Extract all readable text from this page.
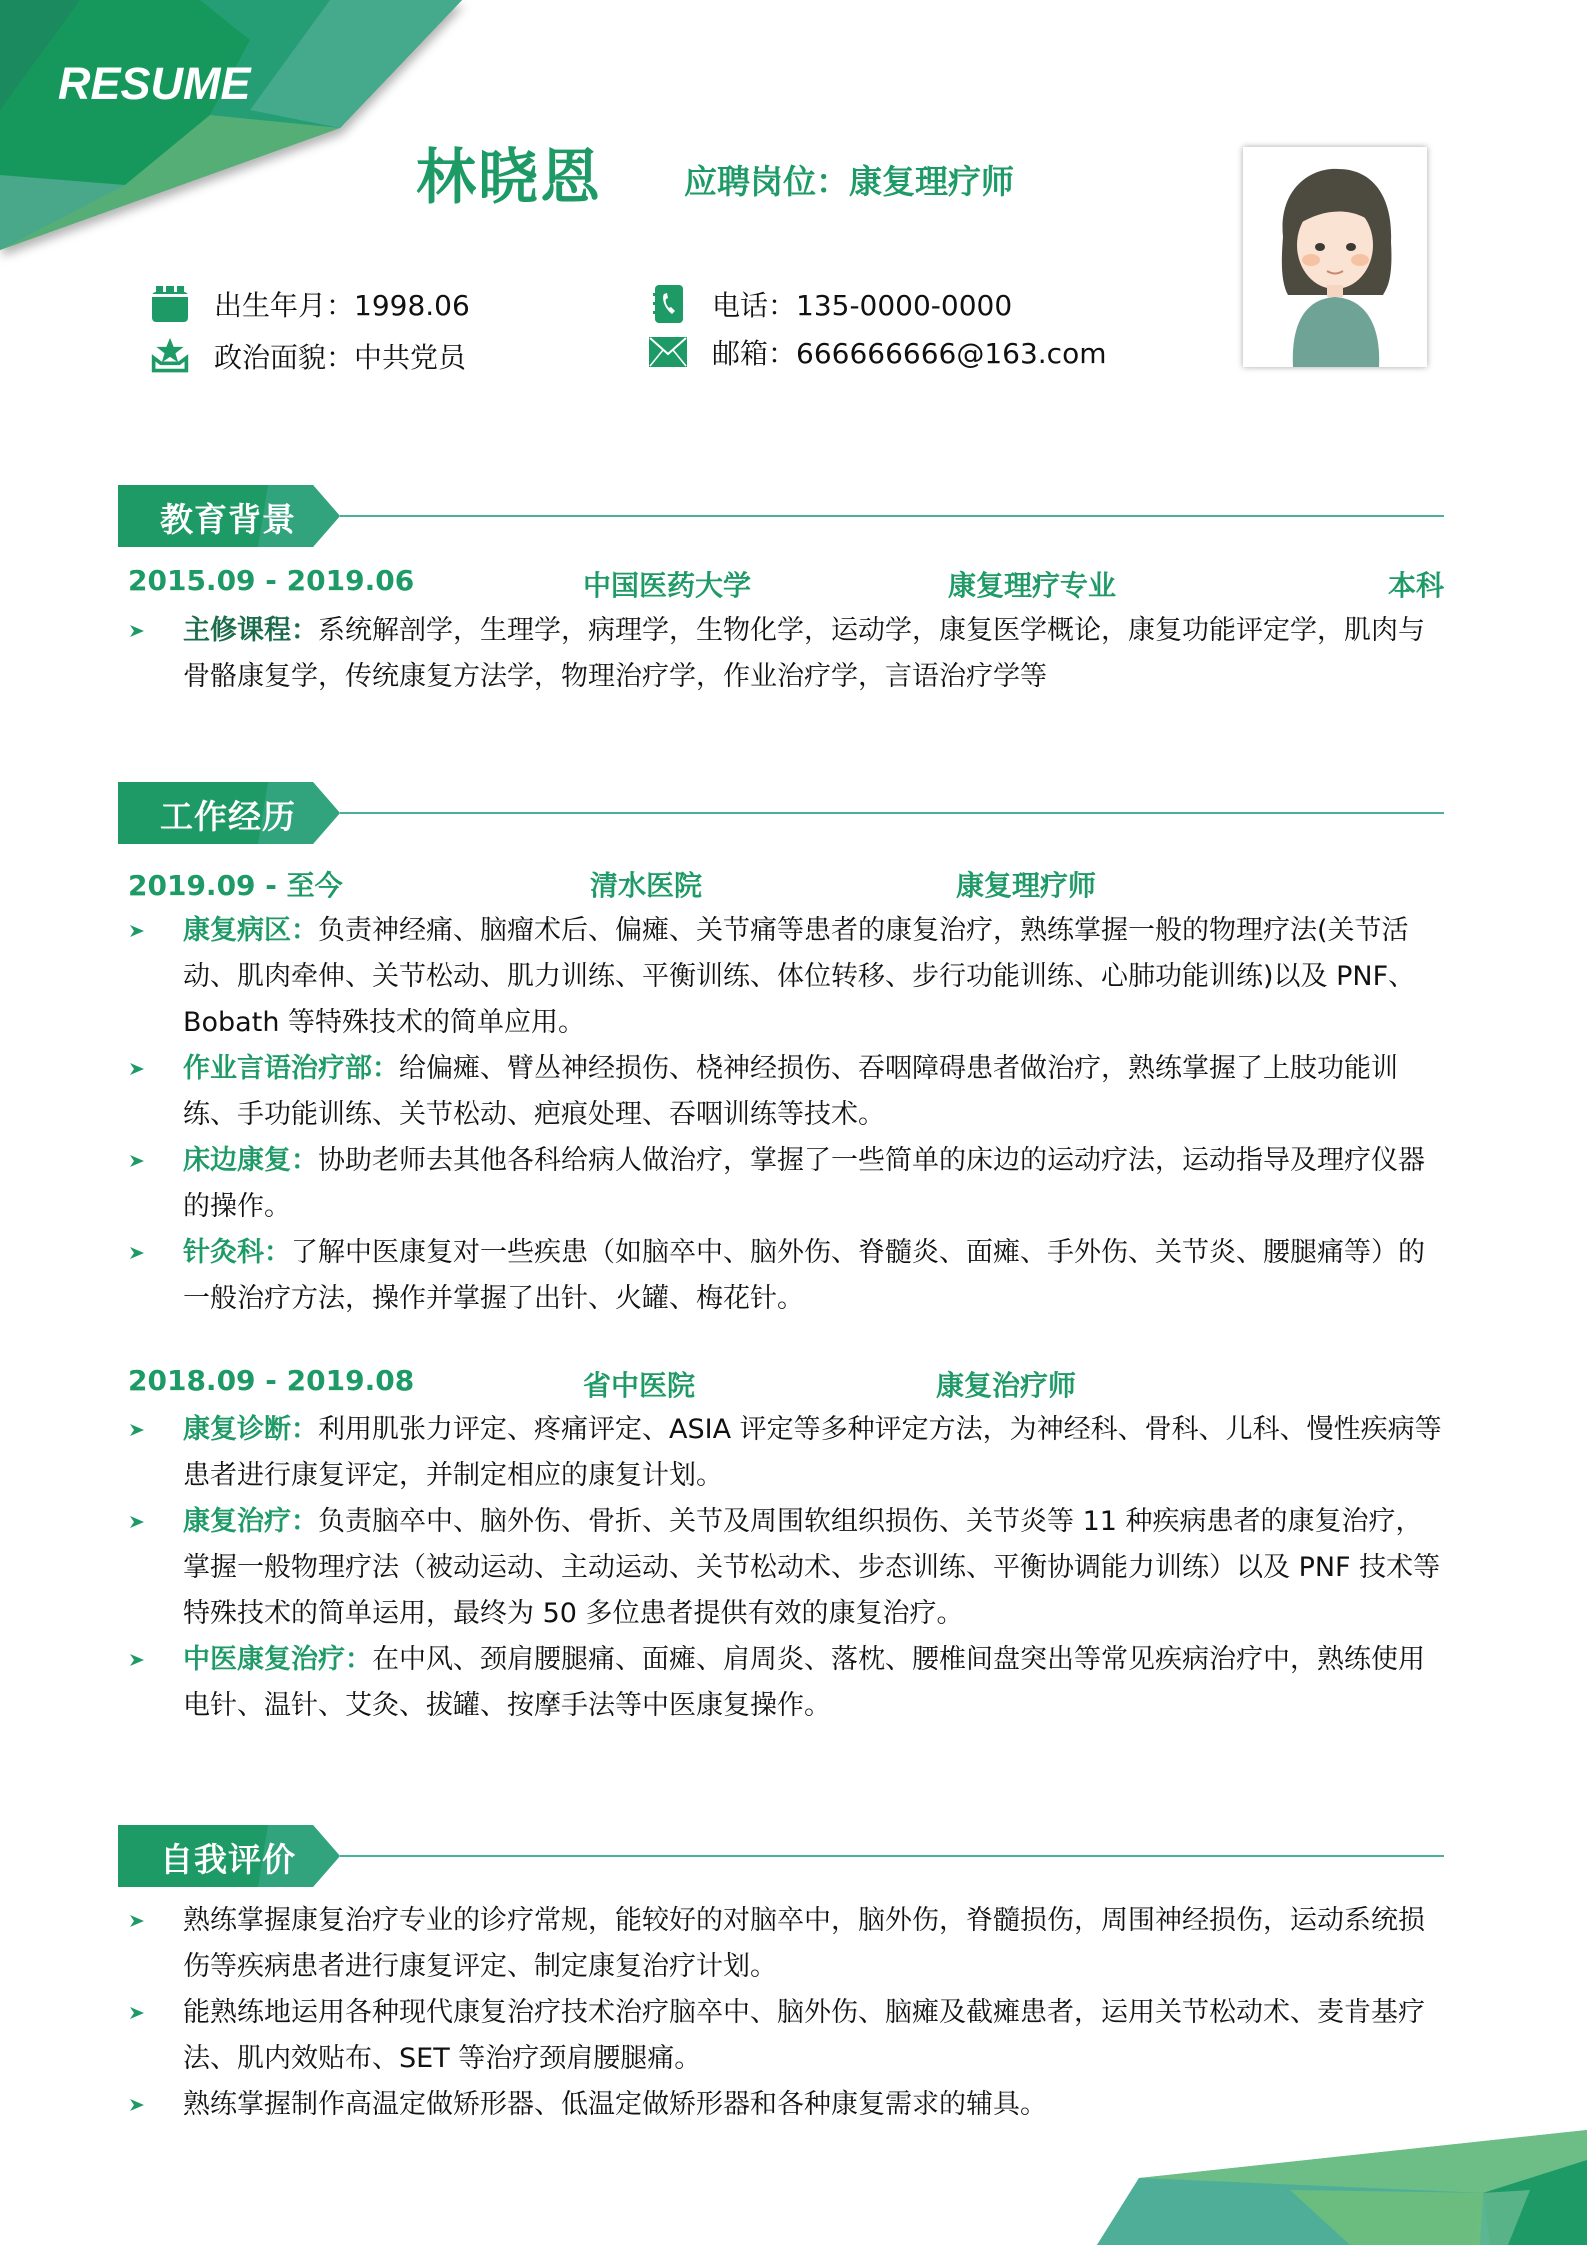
RESUME
林晓恩 应聘岗位：康复理疗师
出生年月：1998.06
政治面貌：中共党员
电话：135-0000-0000
邮箱：666666666@163.com
教育背景
2015.09 - 2019.06	中国医药大学	康复理疗专业	本科
主修课程：系统解剖学，生理学，病理学，生物化学，运动学，康复医学概论，康复功能评定学，肌肉与骨骼康复学，传统康复方法学，物理治疗学，作业治疗学，言语治疗学等
工作经历
2019.09 - 至今	清水医院	康复理疗师
康复病区：负责神经痛、脑瘤术后、偏瘫、关节痛等患者的康复治疗，熟练掌握一般的物理疗法(关节活动、肌肉牵伸、关节松动、肌力训练、平衡训练、体位转移、步行功能训练、心肺功能训练)以及 PNF、Bobath 等特殊技术的简单应用。
作业言语治疗部：给偏瘫、臂丛神经损伤、桡神经损伤、吞咽障碍患者做治疗，熟练掌握了上肢功能训练、手功能训练、关节松动、疤痕处理、吞咽训练等技术。
床边康复：协助老师去其他各科给病人做治疗，掌握了一些简单的床边的运动疗法，运动指导及理疗仪器的操作。
针灸科：了解中医康复对一些疾患（如脑卒中、脑外伤、脊髓炎、面瘫、手外伤、关节炎、腰腿痛等）的一般治疗方法，操作并掌握了出针、火罐、梅花针。
2018.09 - 2019.08	省中医院	康复治疗师
康复诊断：利用肌张力评定、疼痛评定、ASIA 评定等多种评定方法，为神经科、骨科、儿科、慢性疾病等患者进行康复评定，并制定相应的康复计划。
康复治疗：负责脑卒中、脑外伤、骨折、关节及周围软组织损伤、关节炎等 11 种疾病患者的康复治疗，掌握一般物理疗法（被动运动、主动运动、关节松动术、步态训练、平衡协调能力训练）以及 PNF 技术等特殊技术的简单运用，最终为 50 多位患者提供有效的康复治疗。
中医康复治疗：在中风、颈肩腰腿痛、面瘫、肩周炎、落枕、腰椎间盘突出等常见疾病治疗中，熟练使用电针、温针、艾灸、拔罐、按摩手法等中医康复操作。
自我评价
熟练掌握康复治疗专业的诊疗常规，能较好的对脑卒中，脑外伤，脊髓损伤，周围神经损伤，运动系统损伤等疾病患者进行康复评定、制定康复治疗计划。
能熟练地运用各种现代康复治疗技术治疗脑卒中、脑外伤、脑瘫及截瘫患者，运用关节松动术、麦肯基疗法、肌内效贴布、SET 等治疗颈肩腰腿痛。
熟练掌握制作高温定做矫形器、低温定做矫形器和各种康复需求的辅具。
